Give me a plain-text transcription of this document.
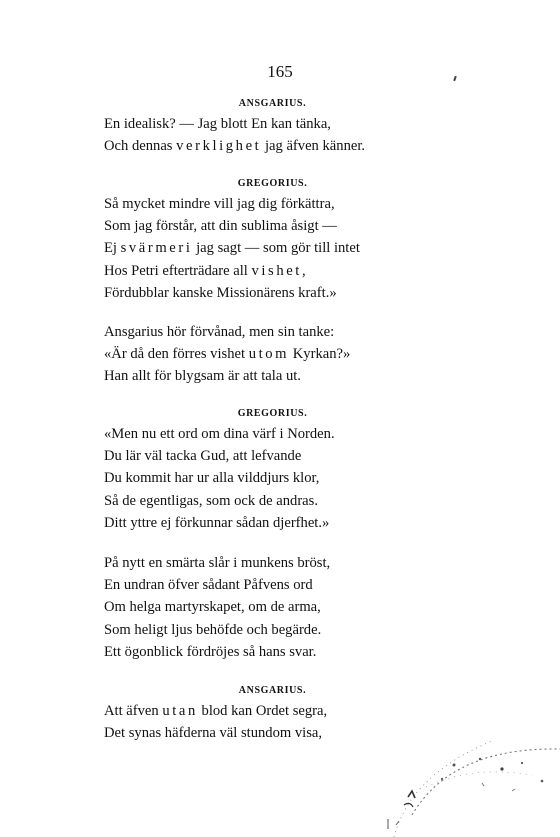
165
ANSGARIUS.
En idealisk? — Jag blott En kan tänka,
Och dennas verklighet jag äfven känner.
GREGORIUS.
Så mycket mindre vill jag dig förkättra,
Som jag förstår, att din sublima åsigt —
Ej svärmeri jag sagt — som gör till intet
Hos Petri efterträdare all vishet,
Fördubblar kanske Missionärens kraft.»
Ansgarius hör förvånad, men sin tanke:
«Är då den förres vishet utom Kyrkan?»
Han allt för blygsam är att tala ut.
GREGORIUS.
«Men nu ett ord om dina värf i Norden.
Du lär väl tacka Gud, att lefvande
Du kommit har ur alla vilddjurs klor,
Så de egentligas, som ock de andras.
Ditt yttre ej förkunnar sådan djerfhet.»
På nytt en smärta slår i munkens bröst,
En undran öfver sådant Påfvens ord
Om helga martyrskapet, om de arma,
Som heligt ljus behöfde och begärde.
Ett ögonblick fördröjes så hans svar.
ANSGARIUS.
Att äfven utan blod kan Ordet segra,
Det synas häfderna väl stundom visa,
